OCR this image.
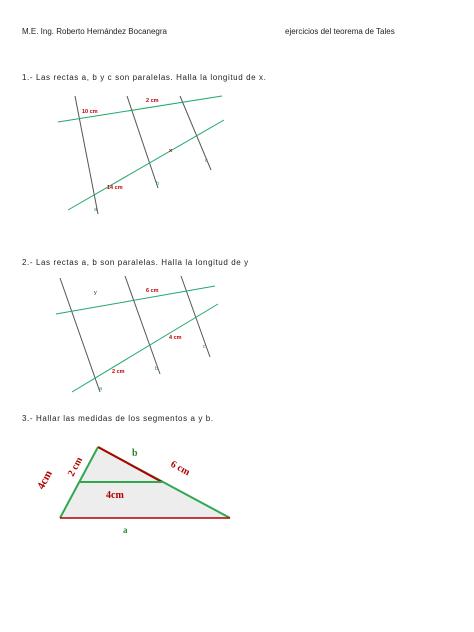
M.E. Ing. Roberto Hernández Bocanegra	ejercicios del teorema de Tales
1.- Las rectas a, b y c son paralelas. Halla la longitud de x.
2.- Las rectas a, b son paralelas. Halla la longitud de y
3.- Hallar las medidas de los segmentos a y b.
10 cm
2 cm
14 cm
x
a
b
c
y	6 cm
4 cm
2 cm
a
b
c
4cm
2 cm
b
6 cm
4cm
a
